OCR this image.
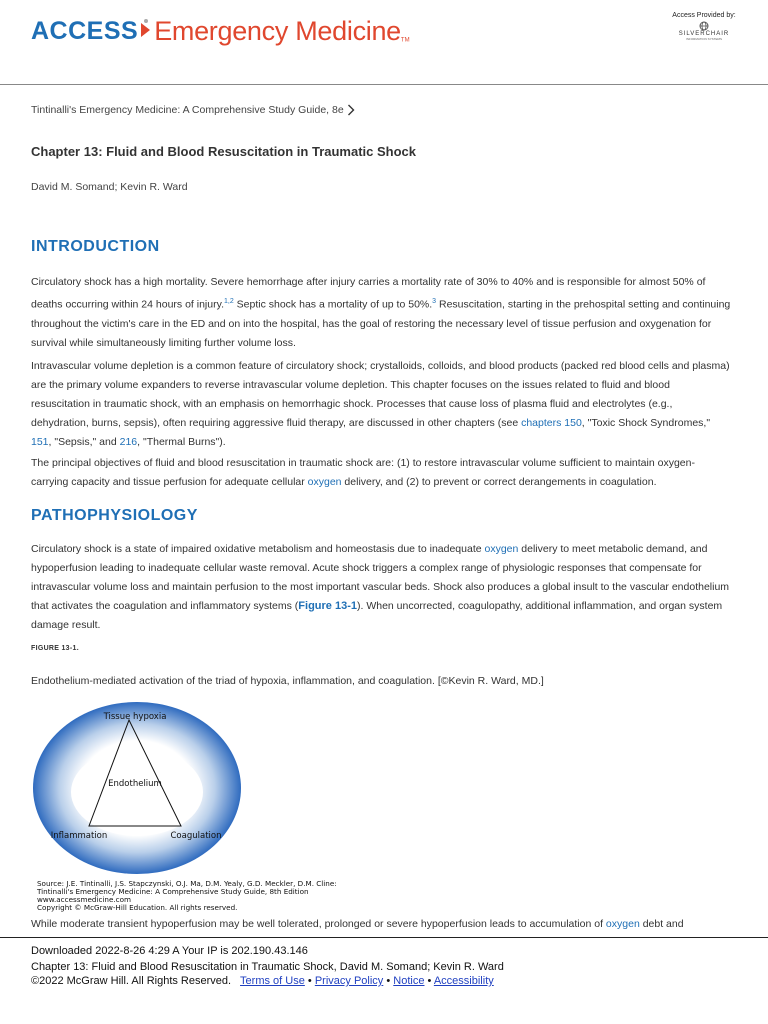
ACCESS Emergency Medicine$_{TM}$
Access Provided by:
SILVERCHAIR
INFORMATION SYSTEMS
Tintinalli's Emergency Medicine: A Comprehensive Study Guide, 8e
Chapter 13: Fluid and Blood Resuscitation in Traumatic Shock
David M. Somand; Kevin R. Ward
INTRODUCTION

Circulatory shock has a high mortality. Severe hemorrhage after injury carries a mortality rate of 30% to 40% and is responsible for almost 50% of deaths occurring within 24 hours of injury.$^{1,2}$ Septic shock has a mortality of up to 50%.$^3$ Resuscitation, starting in the prehospital setting and continuing throughout the victim's care in the ED and on into the hospital, has the goal of restoring the necessary level of tissue perfusion and oxygenation for survival while simultaneously limiting further volume loss.

Intravascular volume depletion is a common feature of circulatory shock; crystalloids, colloids, and blood products (packed red blood cells and plasma) are the primary volume expanders to reverse intravascular volume depletion. This chapter focuses on the issues related to fluid and blood resuscitation in traumatic shock, with an emphasis on hemorrhagic shock. Processes that cause loss of plasma fluid and electrolytes (e.g., dehydration, burns, sepsis), often requiring aggressive fluid therapy, are discussed in other chapters (see chapters 150, "Toxic Shock Syndromes," 151, "Sepsis," and 216, "Thermal Burns").

The principal objectives of fluid and blood resuscitation in traumatic shock are: (1) to restore intravascular volume sufficient to maintain oxygen-carrying capacity and tissue perfusion for adequate cellular oxygen delivery, and (2) to prevent or correct derangements in coagulation.

PATHOPHYSIOLOGY

Circulatory shock is a state of impaired oxidative metabolism and homeostasis due to inadequate oxygen delivery to meet metabolic demand, and hypoperfusion leading to inadequate cellular waste removal. Acute shock triggers a complex range of physiologic responses that compensate for intravascular volume loss and maintain perfusion to the most important vascular beds. Shock also produces a global insult to the vascular endothelium that activates the coagulation and inflammatory systems (Figure 13-1). When uncorrected, coagulopathy, additional inflammation, and organ system damage result.

FIGURE 13-1.
Endothelium-mediated activation of the triad of hypoxia, inflammation, and coagulation. [©Kevin R. Ward, MD.]
Tissue hypoxia
Endothelium
Inflammation	Coagulation
Source: J.E. Tintinalli, J.S. Stapczynski, O.J. Ma, D.M. Yealy, G.D. Meckler, D.M. Cline:
Tintinalli's Emergency Medicine: A Comprehensive Study Guide, 8th Edition
www.accessmedicine.com
Copyright © McGraw-Hill Education. All rights reserved.

While moderate transient hypoperfusion may be well tolerated, prolonged or severe hypoperfusion leads to accumulation of oxygen debt and

Downloaded 2022-8-26 4:29 A Your IP is 202.190.43.146
Chapter 13: Fluid and Blood Resuscitation in Traumatic Shock, David M. Somand; Kevin R. Ward
©2022 McGraw Hill. All Rights Reserved. Terms of Use • Privacy Policy • Notice • Accessibility
